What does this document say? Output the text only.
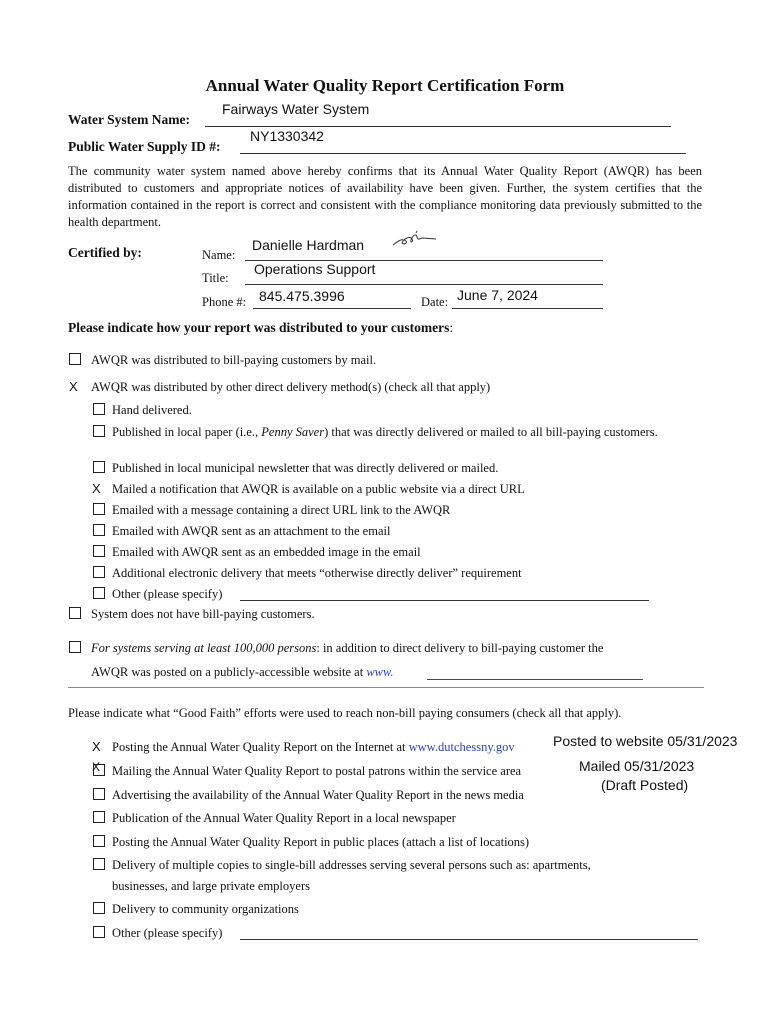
Annual Water Quality Report Certification Form
Water System Name:
Fairways Water System
Public Water Supply ID #:
NY1330342
The community water system named above hereby confirms that its Annual Water Quality Report (AWQR) has been distributed to customers and appropriate notices of availability have been given. Further, the system certifies that the information contained in the report is correct and consistent with the compliance monitoring data previously submitted to the health department.
Certified by:	Name:
Danielle Hardman
Title:
Operations Support
Phone #: 845.475.3996	Date: June 7, 2024
Please indicate how your report was distributed to your customers:
AWQR was distributed to bill-paying customers by mail.
X AWQR was distributed by other direct delivery method(s) (check all that apply)
Hand delivered.
Published in local paper (i.e., Penny Saver) that was directly delivered or mailed to all bill-paying customers.
Published in local municipal newsletter that was directly delivered or mailed.
X Mailed a notification that AWQR is available on a public website via a direct URL
Emailed with a message containing a direct URL link to the AWQR
Emailed with AWQR sent as an attachment to the email
Emailed with AWQR sent as an embedded image in the email
Additional electronic delivery that meets “otherwise directly deliver” requirement
Other (please specify)
System does not have bill-paying customers.
For systems serving at least 100,000 persons: in addition to direct delivery to bill-paying customer the
AWQR was posted on a publicly-accessible website at www.
Please indicate what “Good Faith” efforts were used to reach non-bill paying consumers (check all that apply).
X Posting the Annual Water Quality Report on the Internet at www.dutchessny.gov	Posted to website 05/31/2023
X Mailing the Annual Water Quality Report to postal patrons within the service area	Mailed 05/31/2023
(Draft Posted)
Advertising the availability of the Annual Water Quality Report in the news media
Publication of the Annual Water Quality Report in a local newspaper
Posting the Annual Water Quality Report in public places (attach a list of locations)
Delivery of multiple copies to single-bill addresses serving several persons such as: apartments,
businesses, and large private employers
Delivery to community organizations
Other (please specify)
